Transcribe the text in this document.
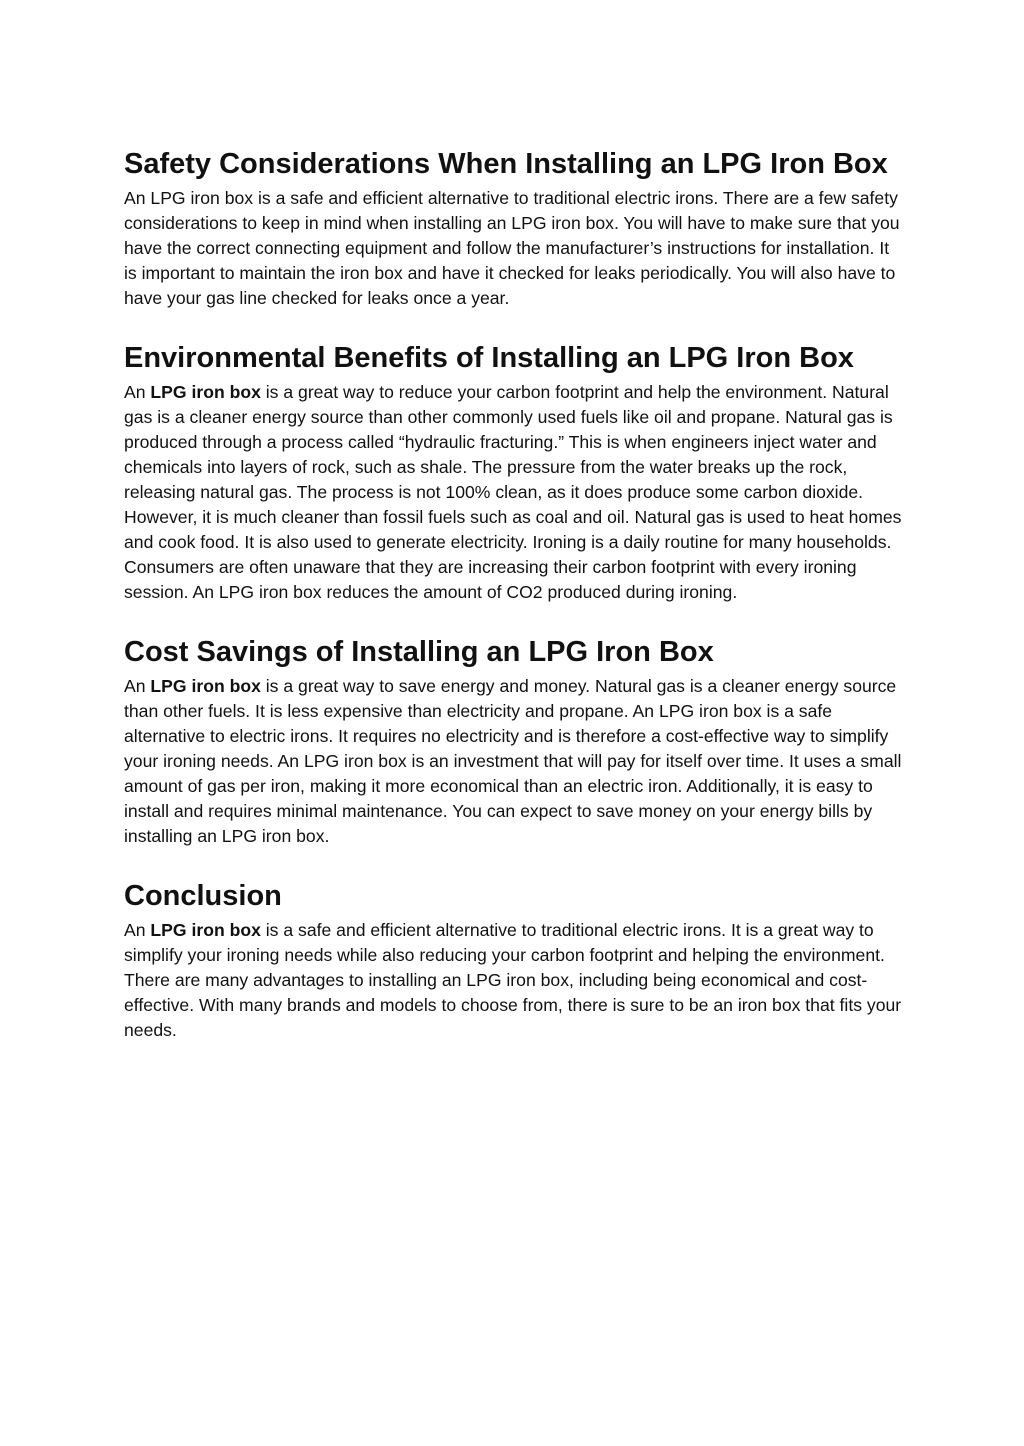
Safety Considerations When Installing an LPG Iron Box

An LPG iron box is a safe and efficient alternative to traditional electric irons. There are a few safety considerations to keep in mind when installing an LPG iron box. You will have to make sure that you have the correct connecting equipment and follow the manufacturer’s instructions for installation. It is important to maintain the iron box and have it checked for leaks periodically. You will also have to have your gas line checked for leaks once a year.

Environmental Benefits of Installing an LPG Iron Box

An LPG iron box is a great way to reduce your carbon footprint and help the environment. Natural gas is a cleaner energy source than other commonly used fuels like oil and propane. Natural gas is produced through a process called “hydraulic fracturing.” This is when engineers inject water and chemicals into layers of rock, such as shale. The pressure from the water breaks up the rock, releasing natural gas. The process is not 100% clean, as it does produce some carbon dioxide. However, it is much cleaner than fossil fuels such as coal and oil. Natural gas is used to heat homes and cook food. It is also used to generate electricity. Ironing is a daily routine for many households. Consumers are often unaware that they are increasing their carbon footprint with every ironing session. An LPG iron box reduces the amount of CO2 produced during ironing.

Cost Savings of Installing an LPG Iron Box

An LPG iron box is a great way to save energy and money. Natural gas is a cleaner energy source than other fuels. It is less expensive than electricity and propane. An LPG iron box is a safe alternative to electric irons. It requires no electricity and is therefore a cost-effective way to simplify your ironing needs. An LPG iron box is an investment that will pay for itself over time. It uses a small amount of gas per iron, making it more economical than an electric iron. Additionally, it is easy to install and requires minimal maintenance. You can expect to save money on your energy bills by installing an LPG iron box.

Conclusion

An LPG iron box is a safe and efficient alternative to traditional electric irons. It is a great way to simplify your ironing needs while also reducing your carbon footprint and helping the environment. There are many advantages to installing an LPG iron box, including being economical and cost-effective. With many brands and models to choose from, there is sure to be an iron box that fits your needs.
